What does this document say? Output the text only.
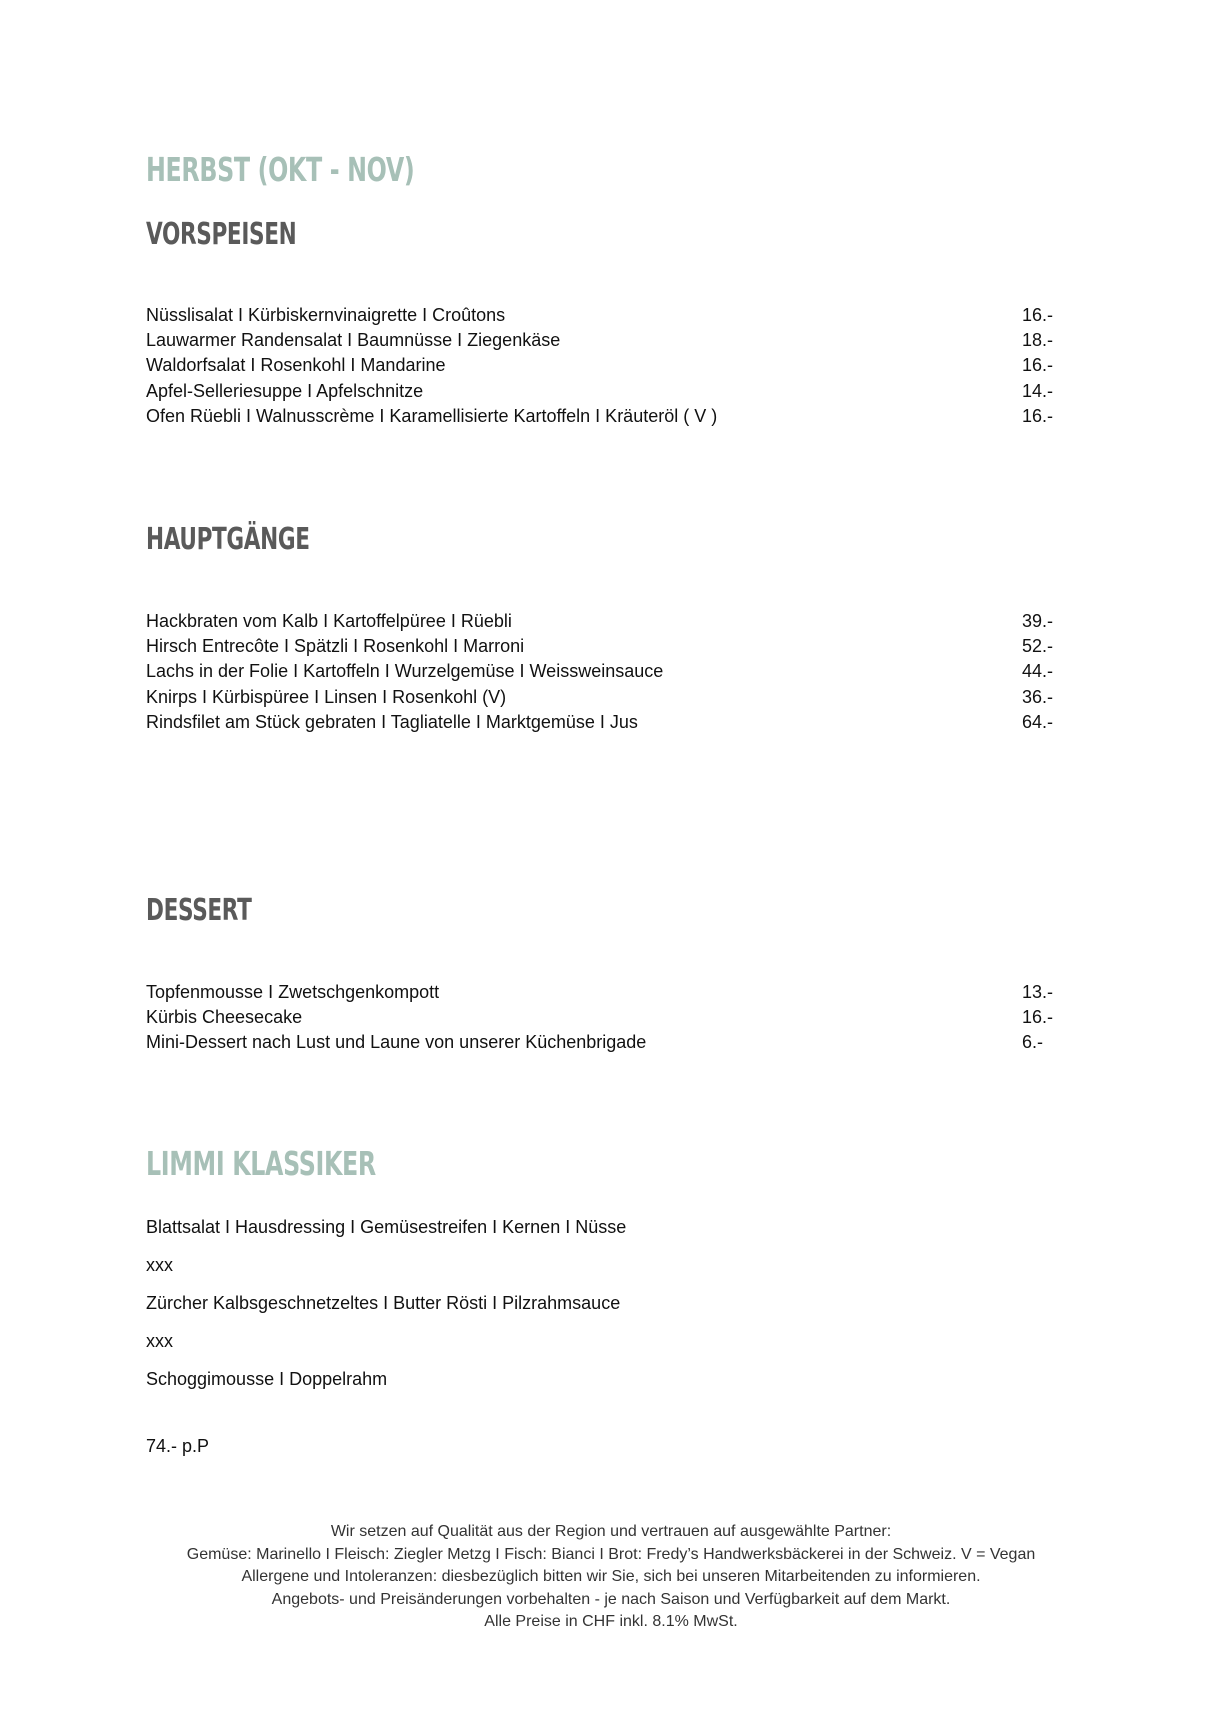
HERBST (OKT - NOV)
VORSPEISEN
Nüsslisalat I Kürbiskernvinaigrette I Croûtons	16.-
Lauwarmer Randensalat I Baumnüsse I Ziegenkäse	18.-
Waldorfsalat I Rosenkohl I Mandarine	16.-
Apfel-Selleriesuppe I Apfelschnitze	14.-
Ofen Rüebli I Walnusscrème I Karamellisierte Kartoffeln I Kräuteröl ( V )	16.-
HAUPTGÄNGE
Hackbraten vom Kalb I Kartoffelpüree I Rüebli	39.-
Hirsch Entrecôte I Spätzli I Rosenkohl I Marroni	52.-
Lachs in der Folie I Kartoffeln I Wurzelgemüse I Weissweinsauce	44.-
Knirps I Kürbispüree I Linsen I Rosenkohl (V)	36.-
Rindsfilet am Stück gebraten I Tagliatelle I Marktgemüse I Jus	64.-
DESSERT
Topfenmousse I Zwetschgenkompott	13.-
Kürbis Cheesecake	16.-
Mini-Dessert nach Lust und Laune von unserer Küchenbrigade	6.-
LIMMI KLASSIKER
Blattsalat I Hausdressing I Gemüsestreifen I Kernen I Nüsse
xxx
Zürcher Kalbsgeschnetzeltes I Butter Rösti I Pilzrahmsauce
xxx
Schoggimousse I Doppelrahm
74.- p.P
Wir setzen auf Qualität aus der Region und vertrauen auf ausgewählte Partner:
Gemüse: Marinello I Fleisch: Ziegler Metzg I Fisch: Bianci I Brot: Fredy’s Handwerksbäckerei in der Schweiz. V = Vegan
Allergene und Intoleranzen: diesbezüglich bitten wir Sie, sich bei unseren Mitarbeitenden zu informieren.
Angebots- und Preisänderungen vorbehalten - je nach Saison und Verfügbarkeit auf dem Markt.
Alle Preise in CHF inkl. 8.1% MwSt.
